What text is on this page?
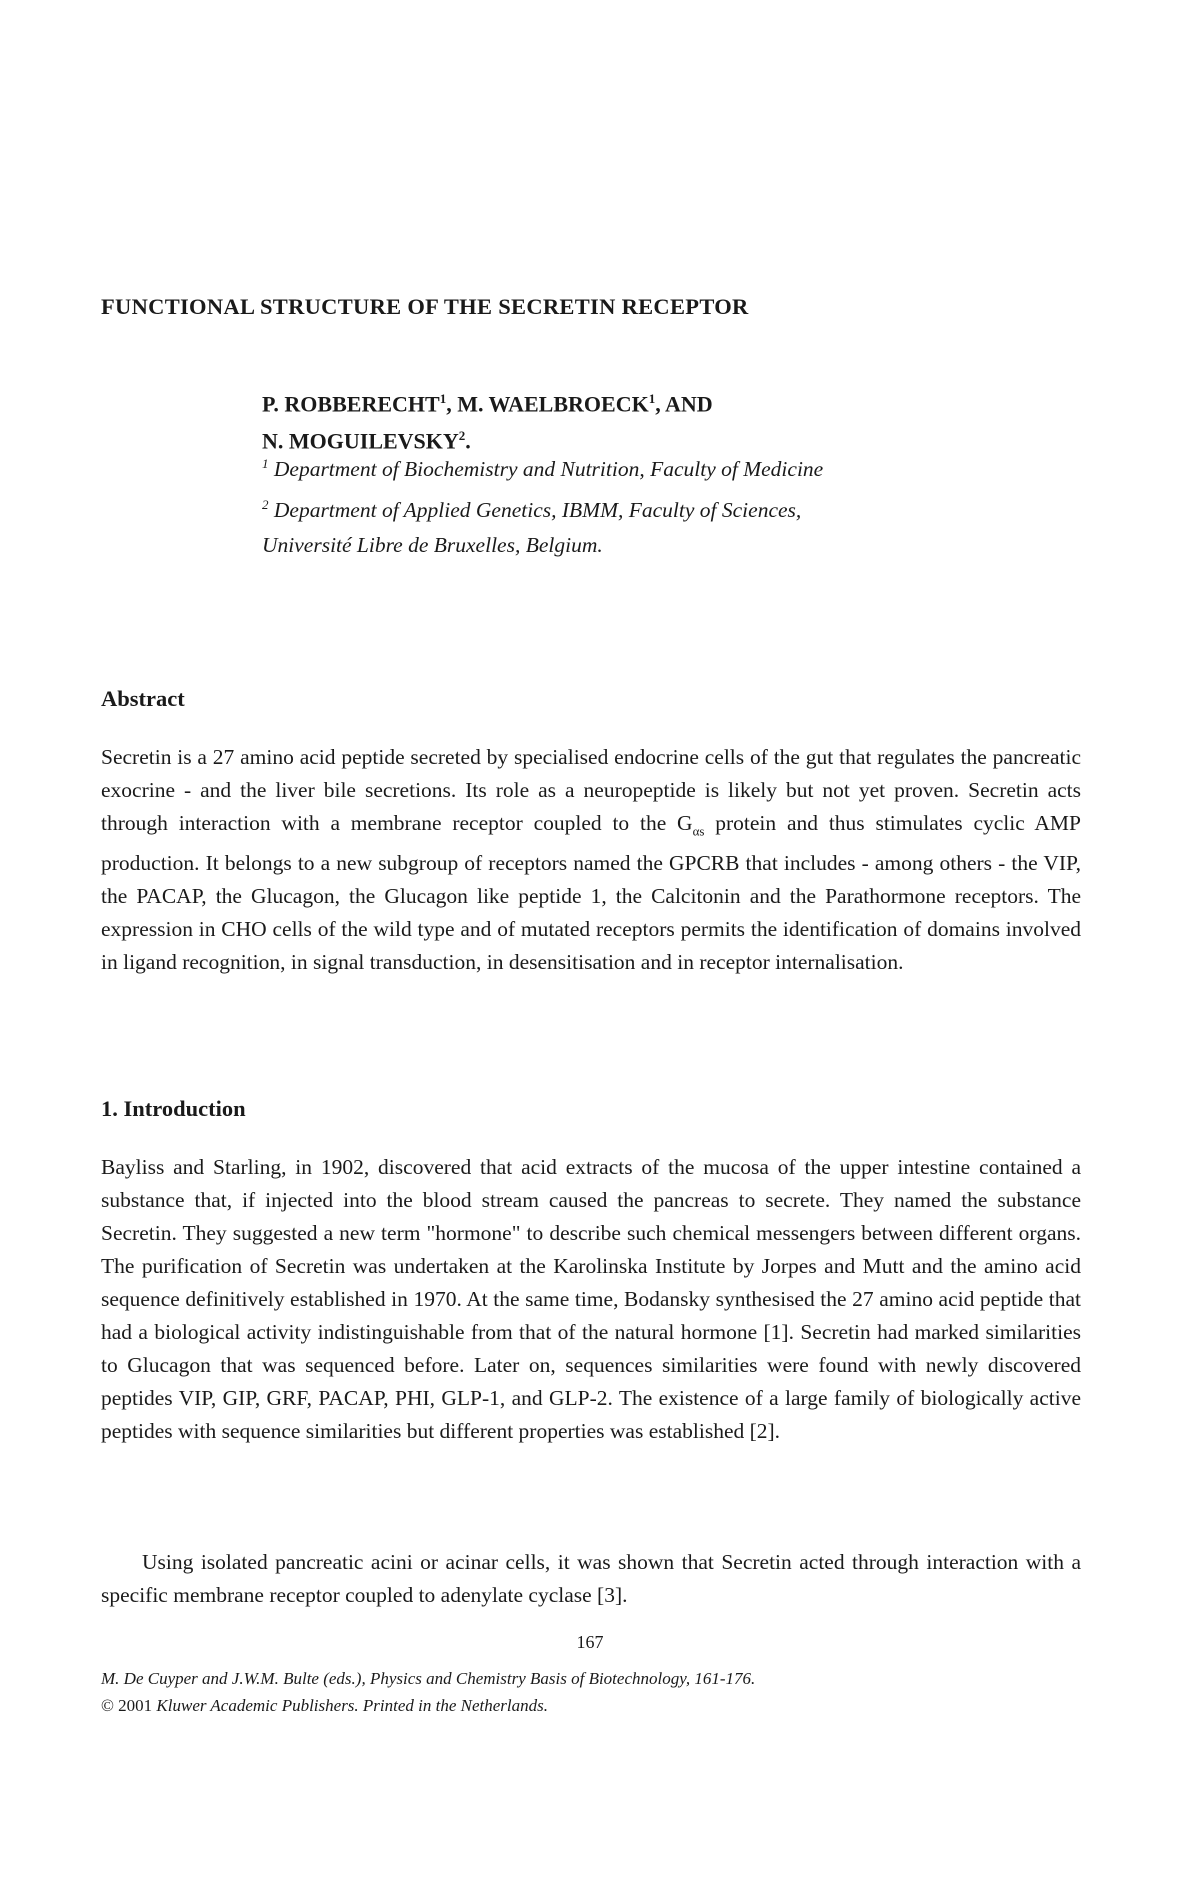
FUNCTIONAL STRUCTURE OF THE SECRETIN RECEPTOR
P. ROBBERECHT$^1$, M. WAELBROECK$^1$, AND
N. MOGUILEVSKY$^2$.
$^1$ Department of Biochemistry and Nutrition, Faculty of Medicine
$^2$ Department of Applied Genetics, IBMM, Faculty of Sciences,
Université Libre de Bruxelles, Belgium.
Abstract

Secretin is a 27 amino acid peptide secreted by specialised endocrine cells of the gut that regulates the pancreatic exocrine - and the liver bile secretions. Its role as a neuropeptide is likely but not yet proven. Secretin acts through interaction with a membrane receptor coupled to the $G_{\alpha s}$ protein and thus stimulates cyclic AMP production. It belongs to a new subgroup of receptors named the GPCRB that includes - among others - the VIP, the PACAP, the Glucagon, the Glucagon like peptide 1, the Calcitonin and the Parathormone receptors. The expression in CHO cells of the wild type and of mutated receptors permits the identification of domains involved in ligand recognition, in signal transduction, in desensitisation and in receptor internalisation.

1. Introduction

Bayliss and Starling, in 1902, discovered that acid extracts of the mucosa of the upper intestine contained a substance that, if injected into the blood stream caused the pancreas to secrete. They named the substance Secretin. They suggested a new term "hormone" to describe such chemical messengers between different organs. The purification of Secretin was undertaken at the Karolinska Institute by Jorpes and Mutt and the amino acid sequence definitively established in 1970. At the same time, Bodansky synthesised the 27 amino acid peptide that had a biological activity indistinguishable from that of the natural hormone [1]. Secretin had marked similarities to Glucagon that was sequenced before. Later on, sequences similarities were found with newly discovered peptides VIP, GIP, GRF, PACAP, PHI, GLP-1, and GLP-2. The existence of a large family of biologically active peptides with sequence similarities but different properties was established [2].

Using isolated pancreatic acini or acinar cells, it was shown that Secretin acted through interaction with a specific membrane receptor coupled to adenylate cyclase [3].

167
M. De Cuyper and J.W.M. Bulte (eds.), Physics and Chemistry Basis of Biotechnology, 161-176.
© 2001 Kluwer Academic Publishers. Printed in the Netherlands.
